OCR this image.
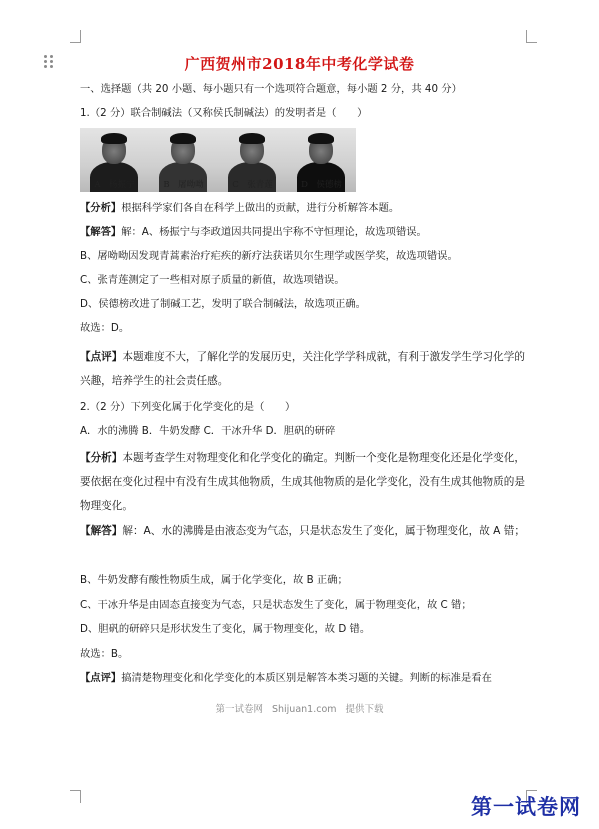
广西贺州市2018年中考化学试卷
一、选择题（共 20 小题、每小题只有一个选项符合题意，每小题 2 分，共 40 分）
1.（2 分）联合制碱法（又称侯氏制碱法）的发明者是（　　）
A　杨振宁	B　屠呦呦	C　张青莲	D　侯德榜
【分析】根据科学家们各自在科学上做出的贡献，进行分析解答本题。
【解答】解：A、杨振宁与李政道因共同提出宇称不守恒理论，故选项错误。
B、屠呦呦因发现青蒿素治疗疟疾的新疗法获诺贝尔生理学或医学奖，故选项错误。
C、张青莲测定了一些相对原子质量的新值，故选项错误。
D、侯德榜改进了制碱工艺，发明了联合制碱法，故选项正确。
故选：D。
【点评】本题难度不大，了解化学的发展历史，关注化学学科成就，有利于激发学生学习化学的兴趣，培养学生的社会责任感。
2.（2 分）下列变化属于化学变化的是（　　）
A．水的沸腾 B．牛奶发酵 C．干冰升华 D．胆矾的研碎
【分析】本题考查学生对物理变化和化学变化的确定。判断一个变化是物理变化还是化学变化，要依据在变化过程中有没有生成其他物质，生成其他物质的是化学变化，没有生成其他物质的是物理变化。
【解答】解：A、水的沸腾是由液态变为气态，只是状态发生了变化，属于物理变化，故 A 错；
B、牛奶发酵有酸性物质生成，属于化学变化，故 B 正确；
C、干冰升华是由固态直接变为气态，只是状态发生了变化，属于物理变化，故 C 错；
D、胆矾的研碎只是形状发生了变化，属于物理变化，故 D 错。
故选：B。
【点评】搞清楚物理变化和化学变化的本质区别是解答本类习题的关键。判断的标准是看在
第一试卷网 Shijuan1.com 提供下载
第一试卷网
